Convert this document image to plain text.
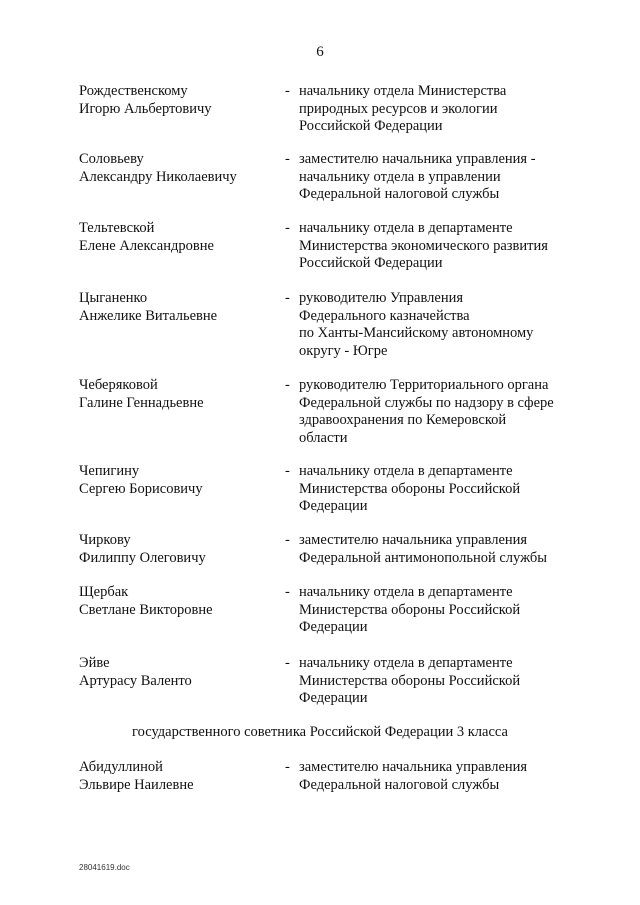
6
Рождественскому
Игорю Альбертовичу
- начальнику отдела Министерства
природных ресурсов и экологии
Российской Федерации
Соловьеву
Александру Николаевичу
- заместителю начальника управления -
начальнику отдела в управлении
Федеральной налоговой службы
Тельтевской
Елене Александровне
- начальнику отдела в департаменте
Министерства экономического развития
Российской Федерации
Цыганенко
Анжелике Витальевне
- руководителю Управления
Федерального казначейства
по Ханты-Мансийскому автономному
округу - Югре
Чеберяковой
Галине Геннадьевне
- руководителю Территориального органа
Федеральной службы по надзору в сфере
здравоохранения по Кемеровской
области
Чепигину
Сергею Борисовичу
- начальнику отдела в департаменте
Министерства обороны Российской
Федерации
Чиркову
Филиппу Олеговичу
- заместителю начальника управления
Федеральной антимонопольной службы
Щербак
Светлане Викторовне
- начальнику отдела в департаменте
Министерства обороны Российской
Федерации
Эйве
Артурасу Валенто
- начальнику отдела в департаменте
Министерства обороны Российской
Федерации
государственного советника Российской Федерации 3 класса
Абидуллиной
Эльвире Наилевне
- заместителю начальника управления
Федеральной налоговой службы
28041619.doc
